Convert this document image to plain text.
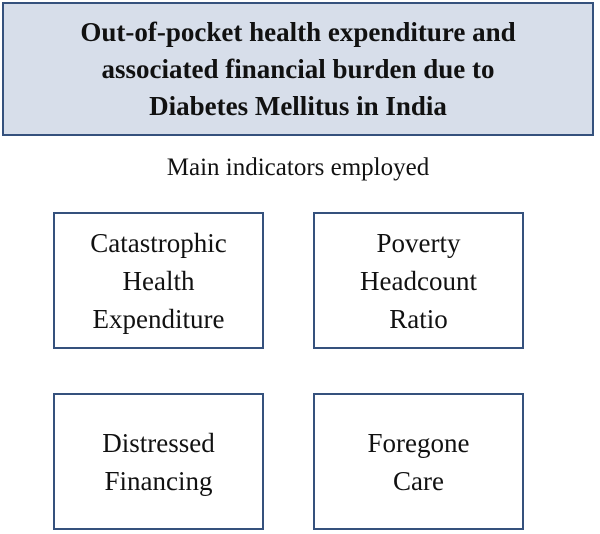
Out-of-pocket health expenditure and
associated financial burden due to
Diabetes Mellitus in India
Main indicators employed
Catastrophic
Health
Expenditure
Poverty
Headcount
Ratio
Distressed
Financing
Foregone
Care
